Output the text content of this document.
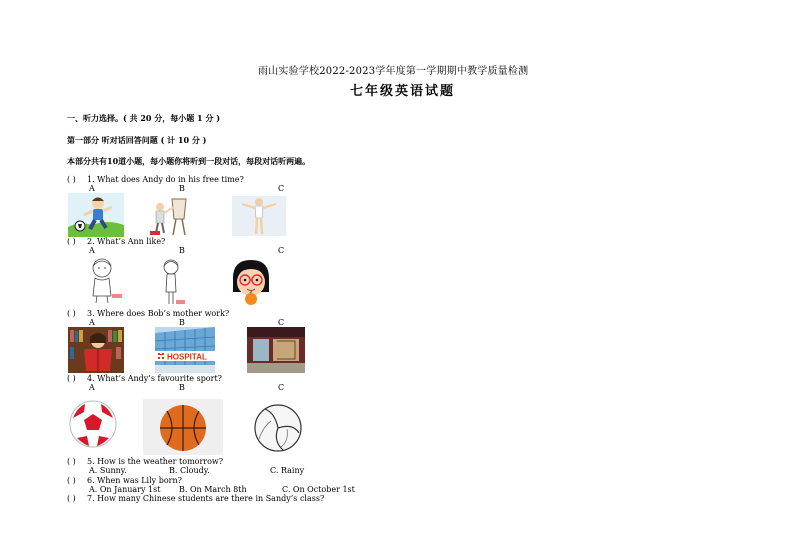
雨山实验学校2022-2023学年度第一学期期中教学质量检测
七年级英语试题
一、听力选择。( 共 20 分，每小题 1 分 )
第一部分 听对话回答问题 ( 计 10 分 )
本部分共有10道小题，每小题你将听到一段对话，每段对话听两遍。
( ) 1. What does Andy do in his free time?
A	B	C
( ) 2. What’s Ann like?
A	B	C
( ) 3. Where does Bob’s mother work?
A	B	C
HOSPITAL
( ) 4. What’s Andy’s favourite sport?
A	B	C
( ) 5. How is the weather tomorrow?
A. Sunny.	B. Cloudy.	C. Rainy
( ) 6. When was Lily born?
A. On January 1st B. On March 8th	C. On October 1st
( ) 7. How many Chinese students are there in Sandy’s class?
